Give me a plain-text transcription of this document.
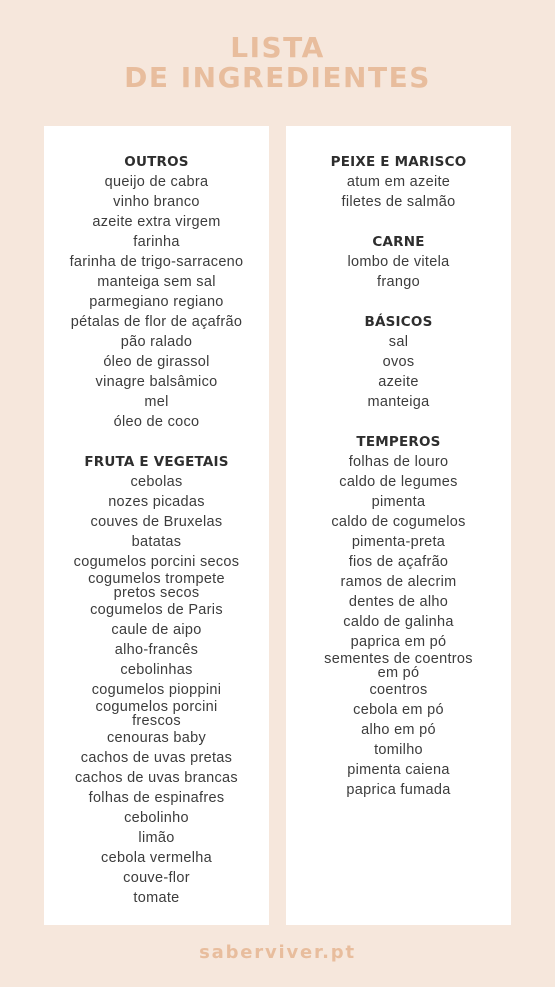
LISTA
DE INGREDIENTES
OUTROS
queijo de cabra
vinho branco
azeite extra virgem
farinha
farinha de trigo-sarraceno
manteiga sem sal
parmegiano regiano
pétalas de flor de açafrão
pão ralado
óleo de girassol
vinagre balsâmico
mel
óleo de coco
FRUTA E VEGETAIS
cebolas
nozes picadas
couves de Bruxelas
batatas
cogumelos porcini secos
cogumelos trompete pretos secos
cogumelos de Paris
caule de aipo
alho-francês
cebolinhas
cogumelos pioppini
cogumelos porcini frescos
cenouras baby
cachos de uvas pretas
cachos de uvas brancas
folhas de espinafres
cebolinho
limão
cebola vermelha
couve-flor
tomate
PEIXE E MARISCO
atum em azeite
filetes de salmão
CARNE
lombo de vitela
frango
BÁSICOS
sal
ovos
azeite
manteiga
TEMPEROS
folhas de louro
caldo de legumes
pimenta
caldo de cogumelos
pimenta-preta
fios de açafrão
ramos de alecrim
dentes de alho
caldo de galinha
paprica em pó
sementes de coentros em pó
coentros
cebola em pó
alho em pó
tomilho
pimenta caiena
paprica fumada
saberviver.pt
